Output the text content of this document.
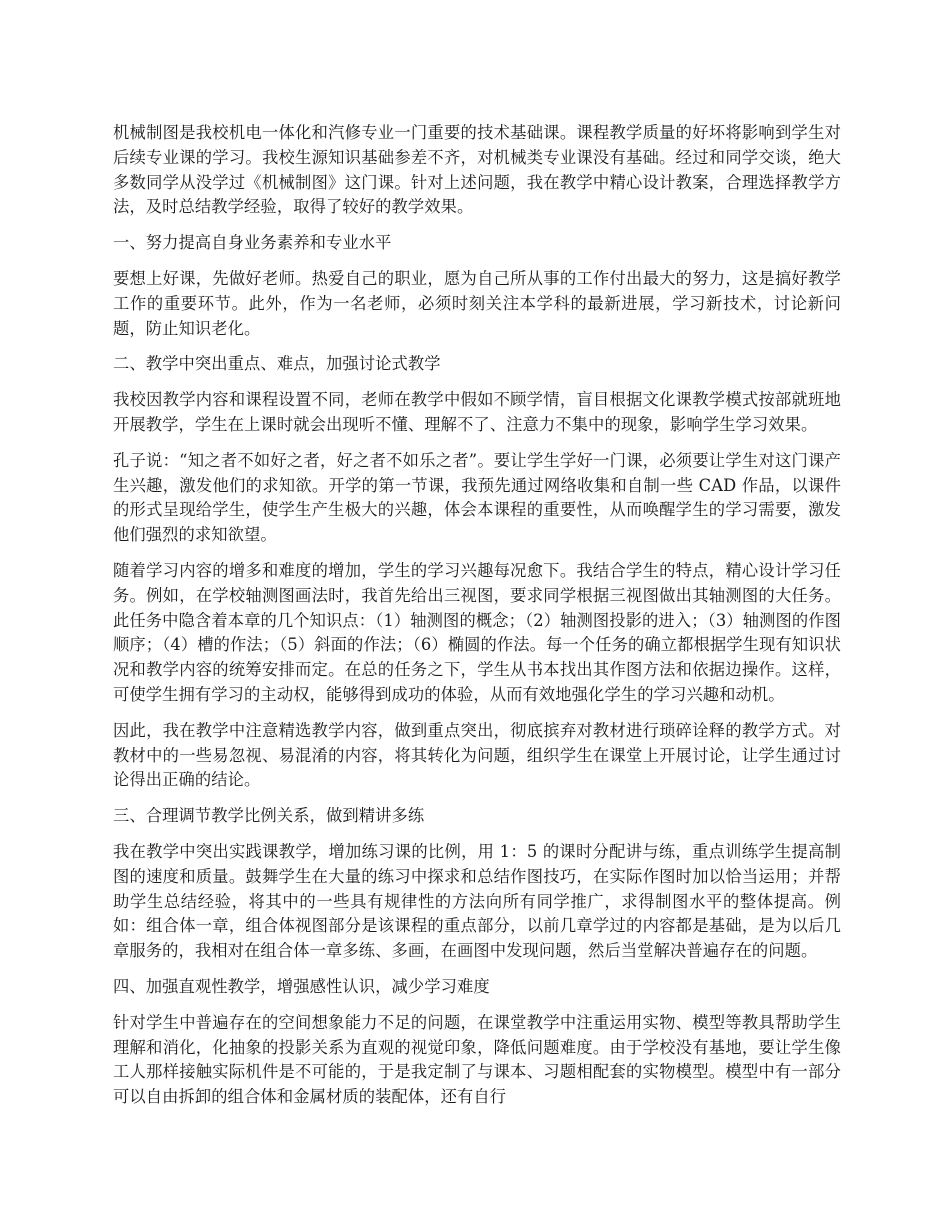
机械制图是我校机电一体化和汽修专业一门重要的技术基础课。课程教学质量的好坏将影响到学生对后续专业课的学习。我校生源知识基础参差不齐，对机械类专业课没有基础。经过和同学交谈，绝大多数同学从没学过《机械制图》这门课。针对上述问题，我在教学中精心设计教案，合理选择教学方法，及时总结教学经验，取得了较好的教学效果。

一、努力提高自身业务素养和专业水平

要想上好课，先做好老师。热爱自己的职业，愿为自己所从事的工作付出最大的努力，这是搞好教学工作的重要环节。此外，作为一名老师，必须时刻关注本学科的最新进展，学习新技术，讨论新问题，防止知识老化。

二、教学中突出重点、难点，加强讨论式教学

我校因教学内容和课程设置不同，老师在教学中假如不顾学情，盲目根据文化课教学模式按部就班地开展教学，学生在上课时就会出现听不懂、理解不了、注意力不集中的现象，影响学生学习效果。

孔子说：“知之者不如好之者，好之者不如乐之者”。要让学生学好一门课，必须要让学生对这门课产生兴趣，激发他们的求知欲。开学的第一节课，我预先通过网络收集和自制一些 CAD 作品，以课件的形式呈现给学生，使学生产生极大的兴趣，体会本课程的重要性，从而唤醒学生的学习需要，激发他们强烈的求知欲望。

随着学习内容的增多和难度的增加，学生的学习兴趣每况愈下。我结合学生的特点，精心设计学习任务。例如，在学校轴测图画法时，我首先给出三视图，要求同学根据三视图做出其轴测图的大任务。此任务中隐含着本章的几个知识点：（1）轴测图的概念；（2）轴测图投影的进入；（3）轴测图的作图顺序；（4）槽的作法；（5）斜面的作法；（6）椭圆的作法。每一个任务的确立都根据学生现有知识状况和教学内容的统筹安排而定。在总的任务之下，学生从书本找出其作图方法和依据边操作。这样，可使学生拥有学习的主动权，能够得到成功的体验，从而有效地强化学生的学习兴趣和动机。

因此，我在教学中注意精选教学内容，做到重点突出，彻底摈弃对教材进行琐碎诠释的教学方式。对教材中的一些易忽视、易混淆的内容，将其转化为问题，组织学生在课堂上开展讨论，让学生通过讨论得出正确的结论。

三、合理调节教学比例关系，做到精讲多练

我在教学中突出实践课教学，增加练习课的比例，用 1：5 的课时分配讲与练，重点训练学生提高制图的速度和质量。鼓舞学生在大量的练习中探求和总结作图技巧，在实际作图时加以恰当运用；并帮助学生总结经验，将其中的一些具有规律性的方法向所有同学推广，求得制图水平的整体提高。例如：组合体一章，组合体视图部分是该课程的重点部分，以前几章学过的内容都是基础，是为以后几章服务的，我相对在组合体一章多练、多画，在画图中发现问题，然后当堂解决普遍存在的问题。

四、加强直观性教学，增强感性认识，减少学习难度

针对学生中普遍存在的空间想象能力不足的问题，在课堂教学中注重运用实物、模型等教具帮助学生理解和消化，化抽象的投影关系为直观的视觉印象，降低问题难度。由于学校没有基地，要让学生像工人那样接触实际机件是不可能的，于是我定制了与课本、习题相配套的实物模型。模型中有一部分可以自由拆卸的组合体和金属材质的装配体，还有自行
